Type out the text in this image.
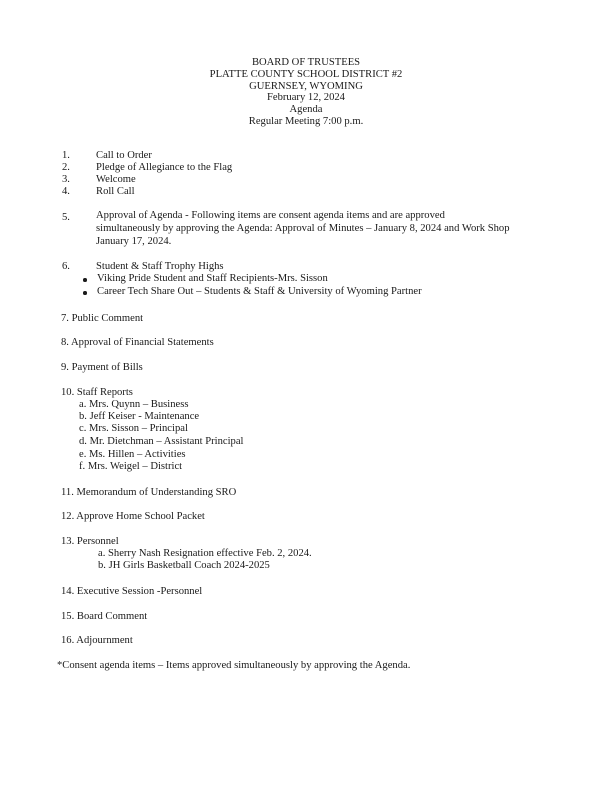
BOARD OF TRUSTEES
PLATTE COUNTY SCHOOL DISTRICT #2
GUERNSEY, WYOMING
February 12, 2024
Agenda
Regular Meeting 7:00 p.m.
1. Call to Order
2. Pledge of Allegiance to the Flag
3. Welcome
4. Roll Call
5. Approval of Agenda - Following items are consent agenda items and are approved
simultaneously by approving the Agenda: Approval of Minutes – January 8, 2024 and Work Shop
January 17, 2024.
6. Student & Staff Trophy Highs
Viking Pride Student and Staff Recipients-Mrs. Sisson
Career Tech Share Out – Students & Staff & University of Wyoming Partner
7. Public Comment
8. Approval of Financial Statements
9. Payment of Bills
10. Staff Reports
a. Mrs. Quynn – Business
b. Jeff Keiser - Maintenance
c. Mrs. Sisson – Principal
d. Mr. Dietchman – Assistant Principal
e. Ms. Hillen – Activities
f. Mrs. Weigel – District
11. Memorandum of Understanding SRO
12. Approve Home School Packet
13. Personnel
a. Sherry Nash Resignation effective Feb. 2, 2024.
b. JH Girls Basketball Coach 2024-2025
14. Executive Session -Personnel
15. Board Comment
16. Adjournment
*Consent agenda items – Items approved simultaneously by approving the Agenda.
